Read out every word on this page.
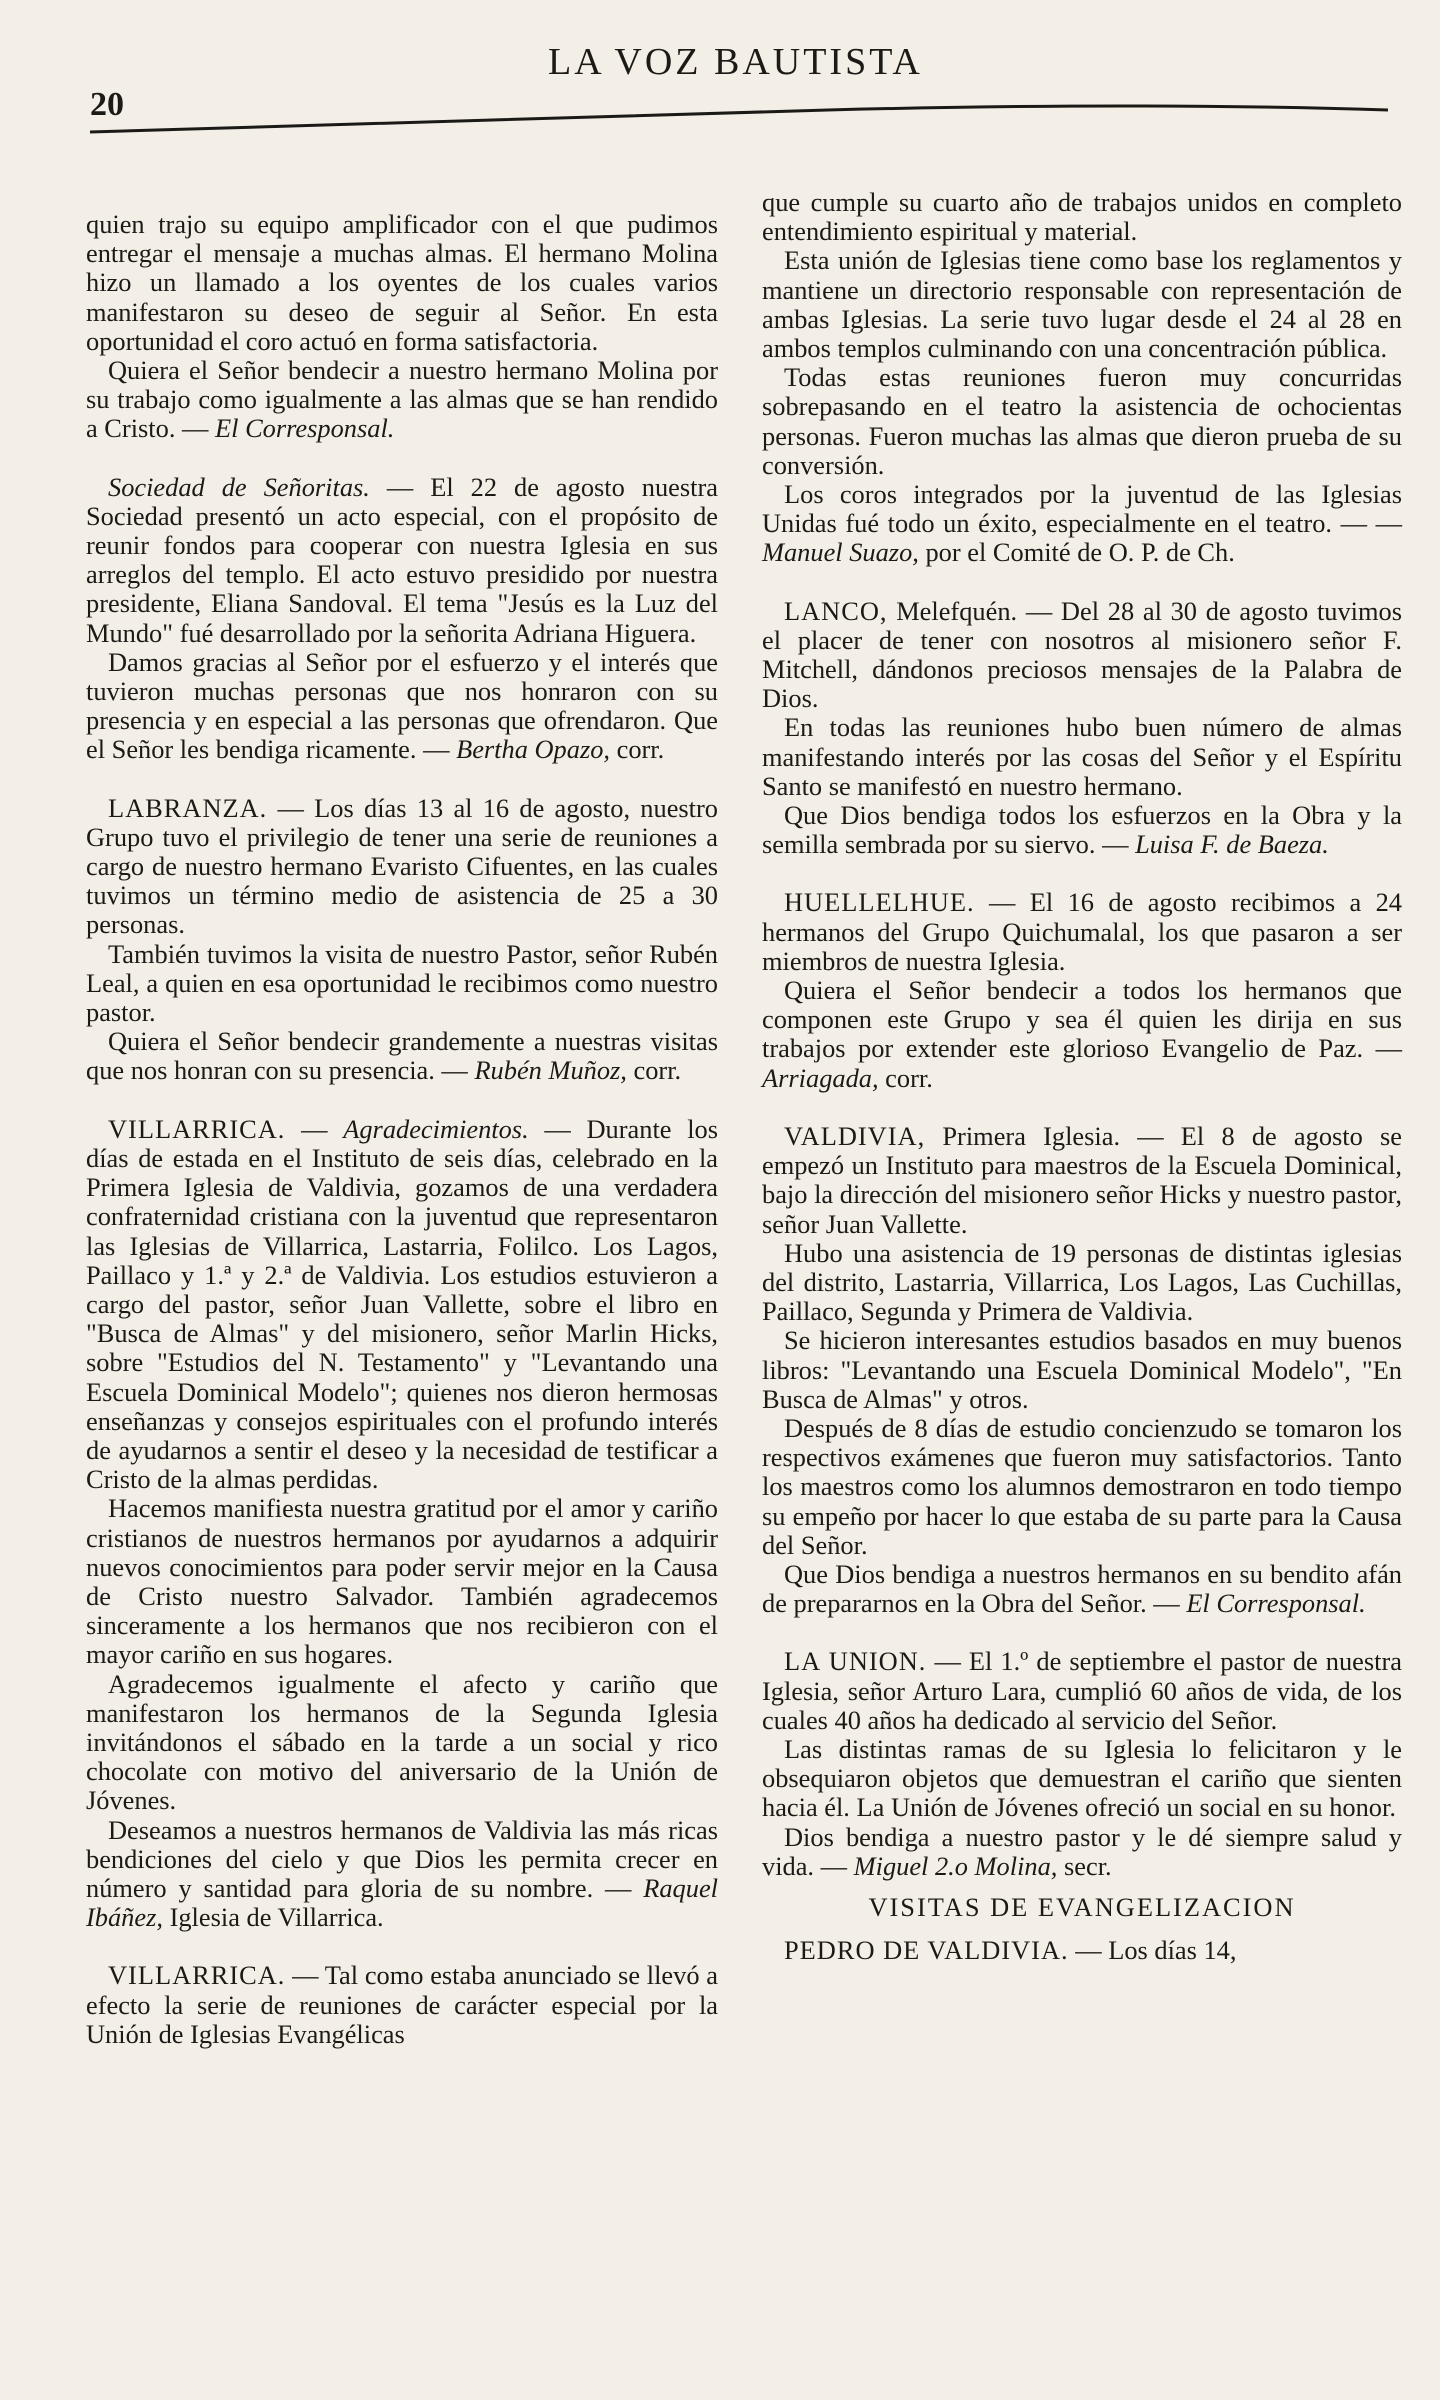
20
LA VOZ BAUTISTA

quien trajo su equipo amplificador con el que pudimos entregar el mensaje a muchas almas. El hermano Molina hizo un llamado a los oyentes de los cuales varios manifestaron su deseo de seguir al Señor. En esta oportunidad el coro actuó en forma satisfactoria.

Quiera el Señor bendecir a nuestro hermano Molina por su trabajo como igualmente a las almas que se han rendido a Cristo. — El Corresponsal.

Sociedad de Señoritas. — El 22 de agosto nuestra Sociedad presentó un acto especial, con el propósito de reunir fondos para cooperar con nuestra Iglesia en sus arreglos del templo. El acto estuvo presidido por nuestra presidente, Eliana Sandoval. El tema "Jesús es la Luz del Mundo" fué desarrollado por la señorita Adriana Higuera.

Damos gracias al Señor por el esfuerzo y el interés que tuvieron muchas personas que nos honraron con su presencia y en especial a las personas que ofrendaron. Que el Señor les bendiga ricamente. — Bertha Opazo, corr.

LABRANZA. — Los días 13 al 16 de agosto, nuestro Grupo tuvo el privilegio de tener una serie de reuniones a cargo de nuestro hermano Evaristo Cifuentes, en las cuales tuvimos un término medio de asistencia de 25 a 30 personas.

También tuvimos la visita de nuestro Pastor, señor Rubén Leal, a quien en esa oportunidad le recibimos como nuestro pastor.

Quiera el Señor bendecir grandemente a nuestras visitas que nos honran con su presencia. — Rubén Muñoz, corr.

VILLARRICA. — Agradecimientos. — Durante los días de estada en el Instituto de seis días, celebrado en la Primera Iglesia de Valdivia, gozamos de una verdadera confraternidad cristiana con la juventud que representaron las Iglesias de Villarrica, Lastarria, Folilco. Los Lagos, Paillaco y 1.ª y 2.ª de Valdivia. Los estudios estuvieron a cargo del pastor, señor Juan Vallette, sobre el libro en "Busca de Almas" y del misionero, señor Marlin Hicks, sobre "Estudios del N. Testamento" y "Levantando una Escuela Dominical Modelo"; quienes nos dieron hermosas enseñanzas y consejos espirituales con el profundo interés de ayudarnos a sentir el deseo y la necesidad de testificar a Cristo de la almas perdidas.

Hacemos manifiesta nuestra gratitud por el amor y cariño cristianos de nuestros hermanos por ayudarnos a adquirir nuevos conocimientos para poder servir mejor en la Causa de Cristo nuestro Salvador. También agradecemos sinceramente a los hermanos que nos recibieron con el mayor cariño en sus hogares.

Agradecemos igualmente el afecto y cariño que manifestaron los hermanos de la Segunda Iglesia invitándonos el sábado en la tarde a un social y rico chocolate con motivo del aniversario de la Unión de Jóvenes.

Deseamos a nuestros hermanos de Valdivia las más ricas bendiciones del cielo y que Dios les permita crecer en número y santidad para gloria de su nombre. — Raquel Ibáñez, Iglesia de Villarrica.

VILLARRICA. — Tal como estaba anunciado se llevó a efecto la serie de reuniones de carácter especial por la Unión de Iglesias Evangélicas

que cumple su cuarto año de trabajos unidos en completo entendimiento espiritual y material.

Esta unión de Iglesias tiene como base los reglamentos y mantiene un directorio responsable con representación de ambas Iglesias. La serie tuvo lugar desde el 24 al 28 en ambos templos culminando con una concentración pública.

Todas estas reuniones fueron muy concurridas sobrepasando en el teatro la asistencia de ochocientas personas. Fueron muchas las almas que dieron prueba de su conversión.

Los coros integrados por la juventud de las Iglesias Unidas fué todo un éxito, especialmente en el teatro. — —Manuel Suazo, por el Comité de O. P. de Ch.

LANCO, Melefquén. — Del 28 al 30 de agosto tuvimos el placer de tener con nosotros al misionero señor F. Mitchell, dándonos preciosos mensajes de la Palabra de Dios.

En todas las reuniones hubo buen número de almas manifestando interés por las cosas del Señor y el Espíritu Santo se manifestó en nuestro hermano.

Que Dios bendiga todos los esfuerzos en la Obra y la semilla sembrada por su siervo. — Luisa F. de Baeza.

HUELLELHUE. — El 16 de agosto recibimos a 24 hermanos del Grupo Quichumalal, los que pasaron a ser miembros de nuestra Iglesia.

Quiera el Señor bendecir a todos los hermanos que componen este Grupo y sea él quien les dirija en sus trabajos por extender este glorioso Evangelio de Paz. — Arriagada, corr.

VALDIVIA, Primera Iglesia. — El 8 de agosto se empezó un Instituto para maestros de la Escuela Dominical, bajo la dirección del misionero señor Hicks y nuestro pastor, señor Juan Vallette.

Hubo una asistencia de 19 personas de distintas iglesias del distrito, Lastarria, Villarrica, Los Lagos, Las Cuchillas, Paillaco, Segunda y Primera de Valdivia.

Se hicieron interesantes estudios basados en muy buenos libros: "Levantando una Escuela Dominical Modelo", "En Busca de Almas" y otros.

Después de 8 días de estudio concienzudo se tomaron los respectivos exámenes que fueron muy satisfactorios. Tanto los maestros como los alumnos demostraron en todo tiempo su empeño por hacer lo que estaba de su parte para la Causa del Señor.

Que Dios bendiga a nuestros hermanos en su bendito afán de prepararnos en la Obra del Señor. — El Corresponsal.

LA UNION. — El 1.º de septiembre el pastor de nuestra Iglesia, señor Arturo Lara, cumplió 60 años de vida, de los cuales 40 años ha dedicado al servicio del Señor.

Las distintas ramas de su Iglesia lo felicitaron y le obsequiaron objetos que demuestran el cariño que sienten hacia él. La Unión de Jóvenes ofreció un social en su honor.

Dios bendiga a nuestro pastor y le dé siempre salud y vida. — Miguel 2.o Molina, secr.

VISITAS DE EVANGELIZACION

PEDRO DE VALDIVIA. — Los días 14,
